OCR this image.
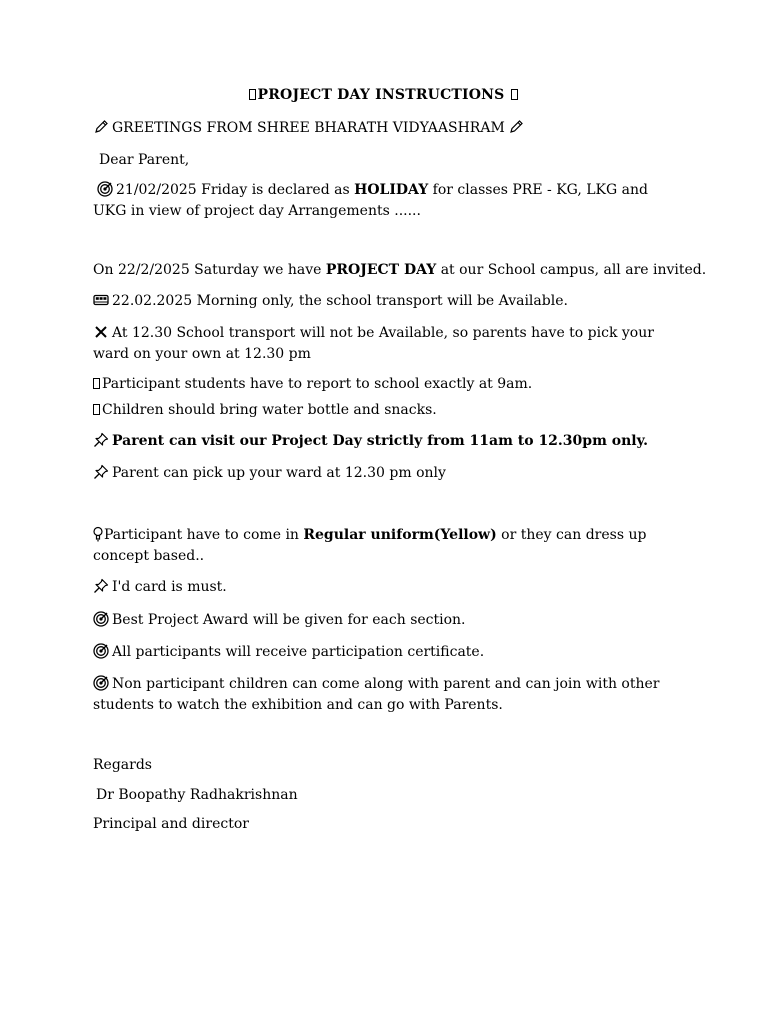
PROJECT DAY INSTRUCTIONS
GREETINGS FROM SHREE BHARATH VIDYAASHRAM
Dear Parent,
21/02/2025 Friday is declared as HOLIDAY for classes PRE - KG, LKG and UKG in view of project day Arrangements ......
On 22/2/2025 Saturday we have PROJECT DAY at our School campus, all are invited.
22.02.2025 Morning only, the school transport will be Available.
At 12.30 School transport will not be Available, so parents have to pick your ward on your own at 12.30 pm
Participant students have to report to school exactly at 9am.
Children should bring water bottle and snacks.
Parent can visit our Project Day strictly from 11am to 12.30pm only.
Parent can pick up your ward at 12.30 pm only
Participant have to come in Regular uniform(Yellow) or they can dress up concept based..
I'd card is must.
Best Project Award will be given for each section.
All participants will receive participation certificate.
Non participant children can come along with parent and can join with other students to watch the exhibition and can go with Parents.
Regards
Dr Boopathy Radhakrishnan
Principal and director
